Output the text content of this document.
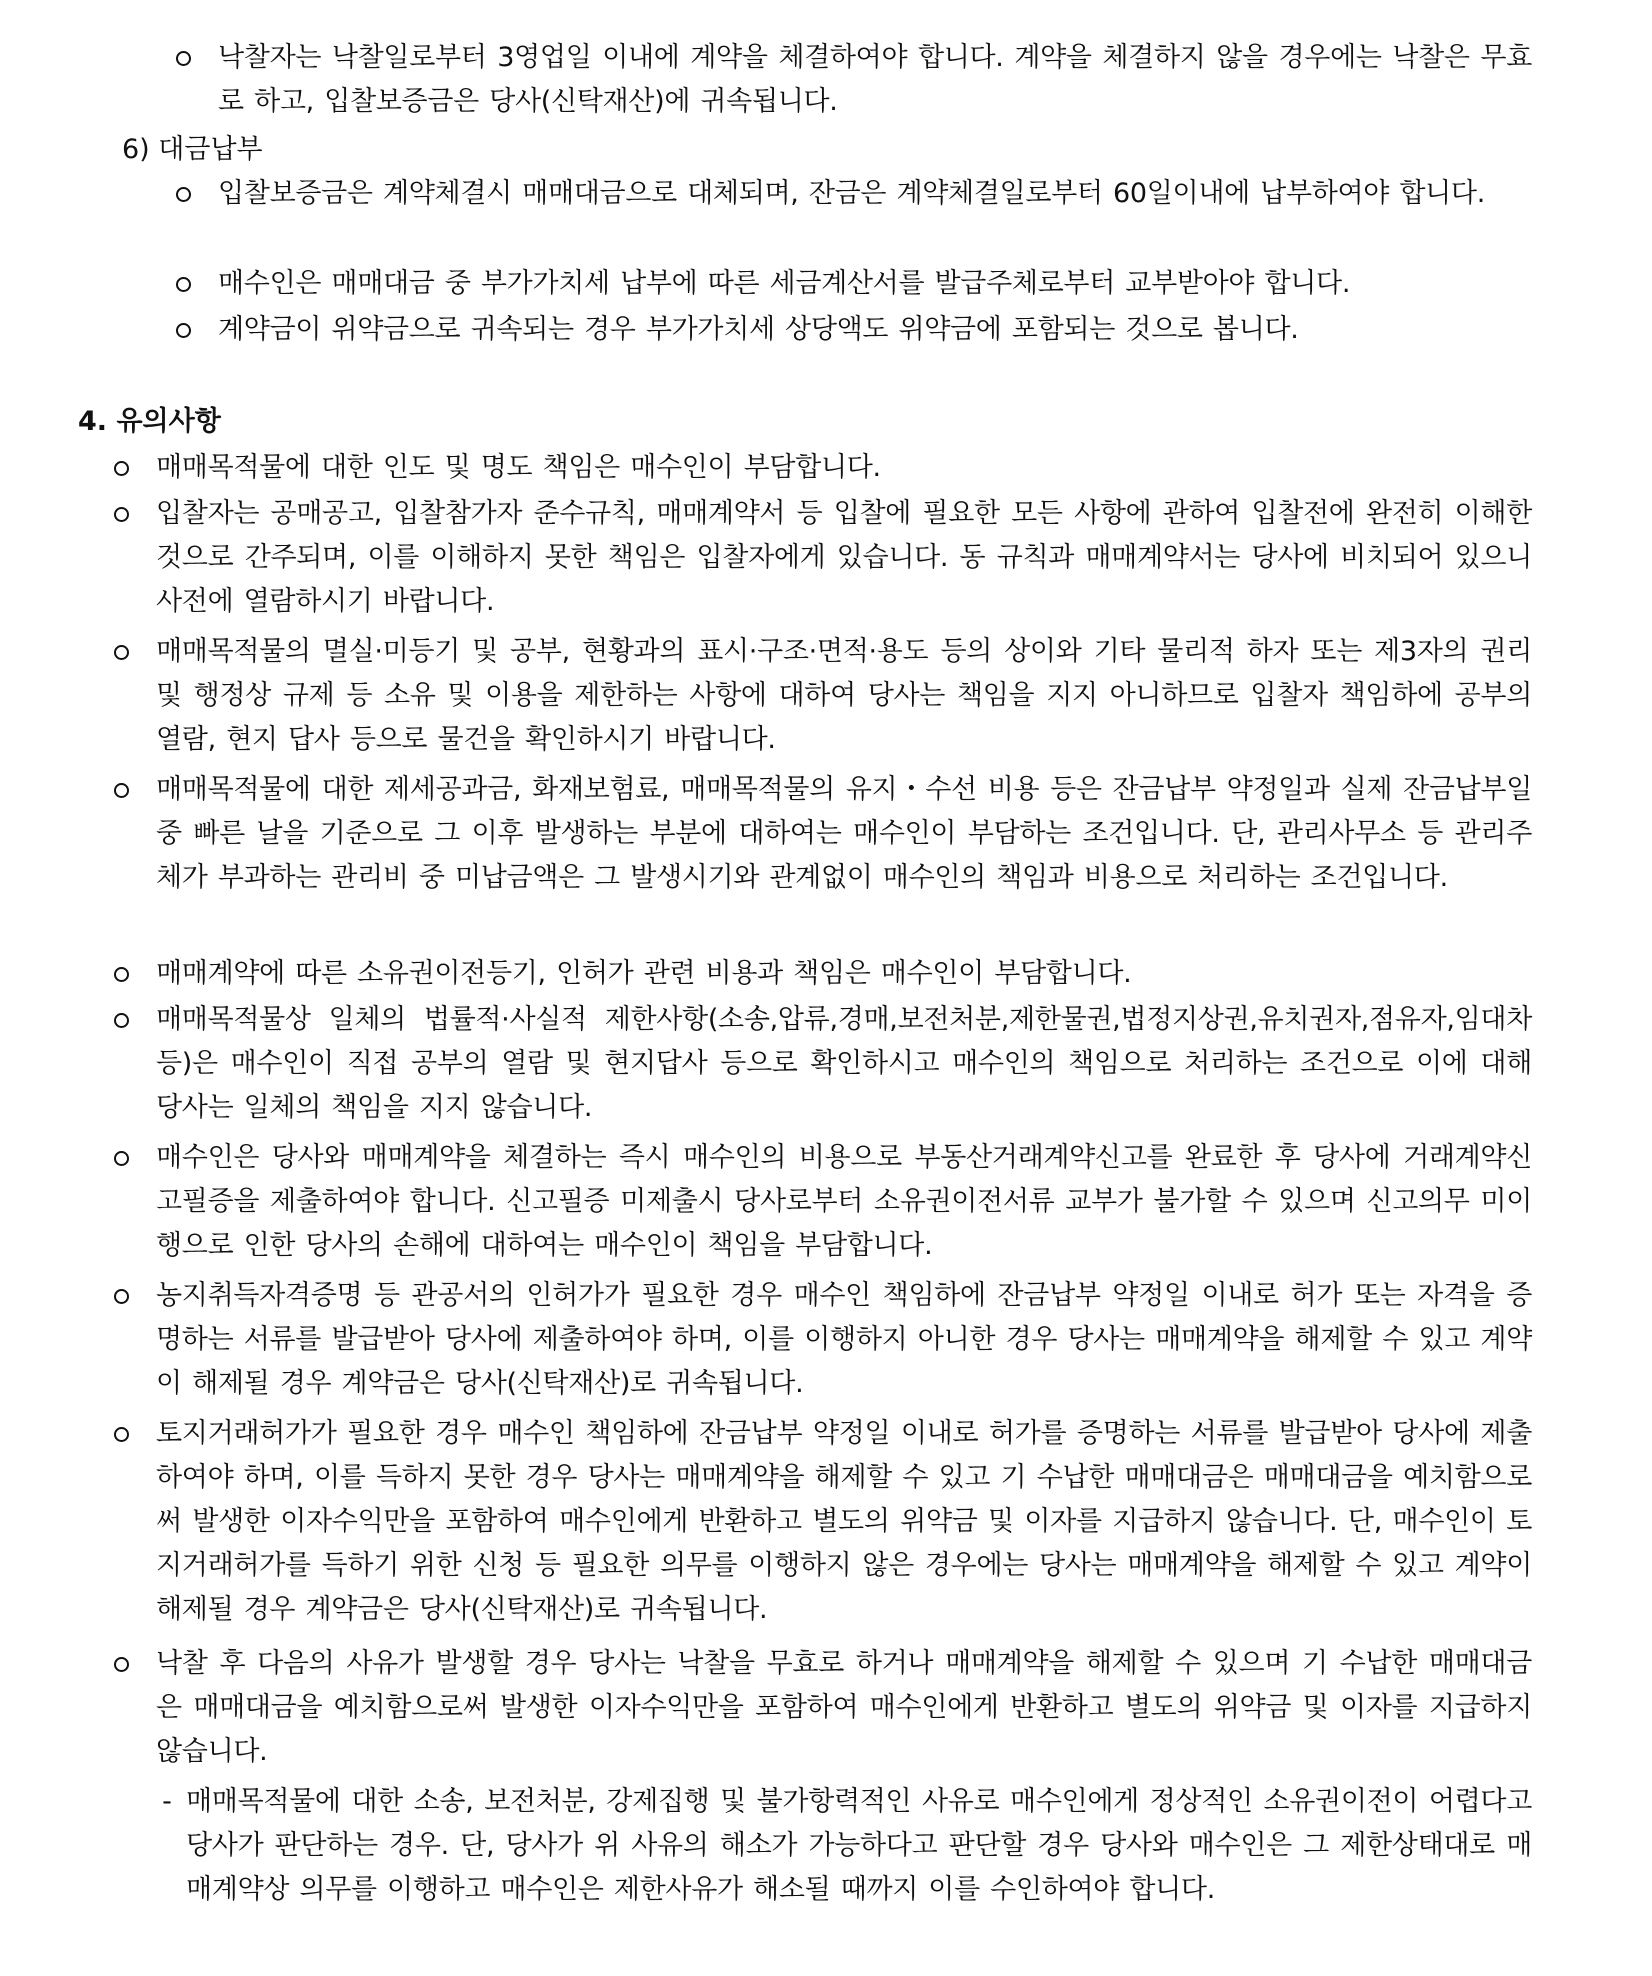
낙찰자는 낙찰일로부터 3영업일 이내에 계약을 체결하여야 합니다. 계약을 체결하지 않을 경우에는 낙찰은 무효로 하고, 입찰보증금은 당사(신탁재산)에 귀속됩니다.
6) 대금납부
입찰보증금은 계약체결시 매매대금으로 대체되며, 잔금은 계약체결일로부터 60일이내에 납부하여야 합니다.
매수인은 매매대금 중 부가가치세 납부에 따른 세금계산서를 발급주체로부터 교부받아야 합니다.
계약금이 위약금으로 귀속되는 경우 부가가치세 상당액도 위약금에 포함되는 것으로 봅니다.
4. 유의사항
매매목적물에 대한 인도 및 명도 책임은 매수인이 부담합니다.
입찰자는 공매공고, 입찰참가자 준수규칙, 매매계약서 등 입찰에 필요한 모든 사항에 관하여 입찰전에 완전히 이해한 것으로 간주되며, 이를 이해하지 못한 책임은 입찰자에게 있습니다. 동 규칙과 매매계약서는 당사에 비치되어 있으니 사전에 열람하시기 바랍니다.
매매목적물의 멸실·미등기 및 공부, 현황과의 표시·구조·면적·용도 등의 상이와 기타 물리적 하자 또는 제3자의 권리 및 행정상 규제 등 소유 및 이용을 제한하는 사항에 대하여 당사는 책임을 지지 아니하므로 입찰자 책임하에 공부의 열람, 현지 답사 등으로 물건을 확인하시기 바랍니다.
매매목적물에 대한 제세공과금, 화재보험료, 매매목적물의 유지・수선 비용 등은 잔금납부 약정일과 실제 잔금납부일 중 빠른 날을 기준으로 그 이후 발생하는 부분에 대하여는 매수인이 부담하는 조건입니다. 단, 관리사무소 등 관리주체가 부과하는 관리비 중 미납금액은 그 발생시기와 관계없이 매수인의 책임과 비용으로 처리하는 조건입니다.
매매계약에 따른 소유권이전등기, 인허가 관련 비용과 책임은 매수인이 부담합니다.
매매목적물상 일체의 법률적·사실적 제한사항(소송,압류,경매,보전처분,제한물권,법정지상권,유치권자,점유자,임대차 등)은 매수인이 직접 공부의 열람 및 현지답사 등으로 확인하시고 매수인의 책임으로 처리하는 조건으로 이에 대해 당사는 일체의 책임을 지지 않습니다.
매수인은 당사와 매매계약을 체결하는 즉시 매수인의 비용으로 부동산거래계약신고를 완료한 후 당사에 거래계약신고필증을 제출하여야 합니다. 신고필증 미제출시 당사로부터 소유권이전서류 교부가 불가할 수 있으며 신고의무 미이행으로 인한 당사의 손해에 대하여는 매수인이 책임을 부담합니다.
농지취득자격증명 등 관공서의 인허가가 필요한 경우 매수인 책임하에 잔금납부 약정일 이내로 허가 또는 자격을 증명하는 서류를 발급받아 당사에 제출하여야 하며, 이를 이행하지 아니한 경우 당사는 매매계약을 해제할 수 있고 계약이 해제될 경우 계약금은 당사(신탁재산)로 귀속됩니다.
토지거래허가가 필요한 경우 매수인 책임하에 잔금납부 약정일 이내로 허가를 증명하는 서류를 발급받아 당사에 제출하여야 하며, 이를 득하지 못한 경우 당사는 매매계약을 해제할 수 있고 기 수납한 매매대금은 매매대금을 예치함으로써 발생한 이자수익만을 포함하여 매수인에게 반환하고 별도의 위약금 및 이자를 지급하지 않습니다. 단, 매수인이 토지거래허가를 득하기 위한 신청 등 필요한 의무를 이행하지 않은 경우에는 당사는 매매계약을 해제할 수 있고 계약이 해제될 경우 계약금은 당사(신탁재산)로 귀속됩니다.
낙찰 후 다음의 사유가 발생할 경우 당사는 낙찰을 무효로 하거나 매매계약을 해제할 수 있으며 기 수납한 매매대금은 매매대금을 예치함으로써 발생한 이자수익만을 포함하여 매수인에게 반환하고 별도의 위약금 및 이자를 지급하지 않습니다.
- 매매목적물에 대한 소송, 보전처분, 강제집행 및 불가항력적인 사유로 매수인에게 정상적인 소유권이전이 어렵다고 당사가 판단하는 경우. 단, 당사가 위 사유의 해소가 가능하다고 판단할 경우 당사와 매수인은 그 제한상태대로 매매계약상 의무를 이행하고 매수인은 제한사유가 해소될 때까지 이를 수인하여야 합니다.
